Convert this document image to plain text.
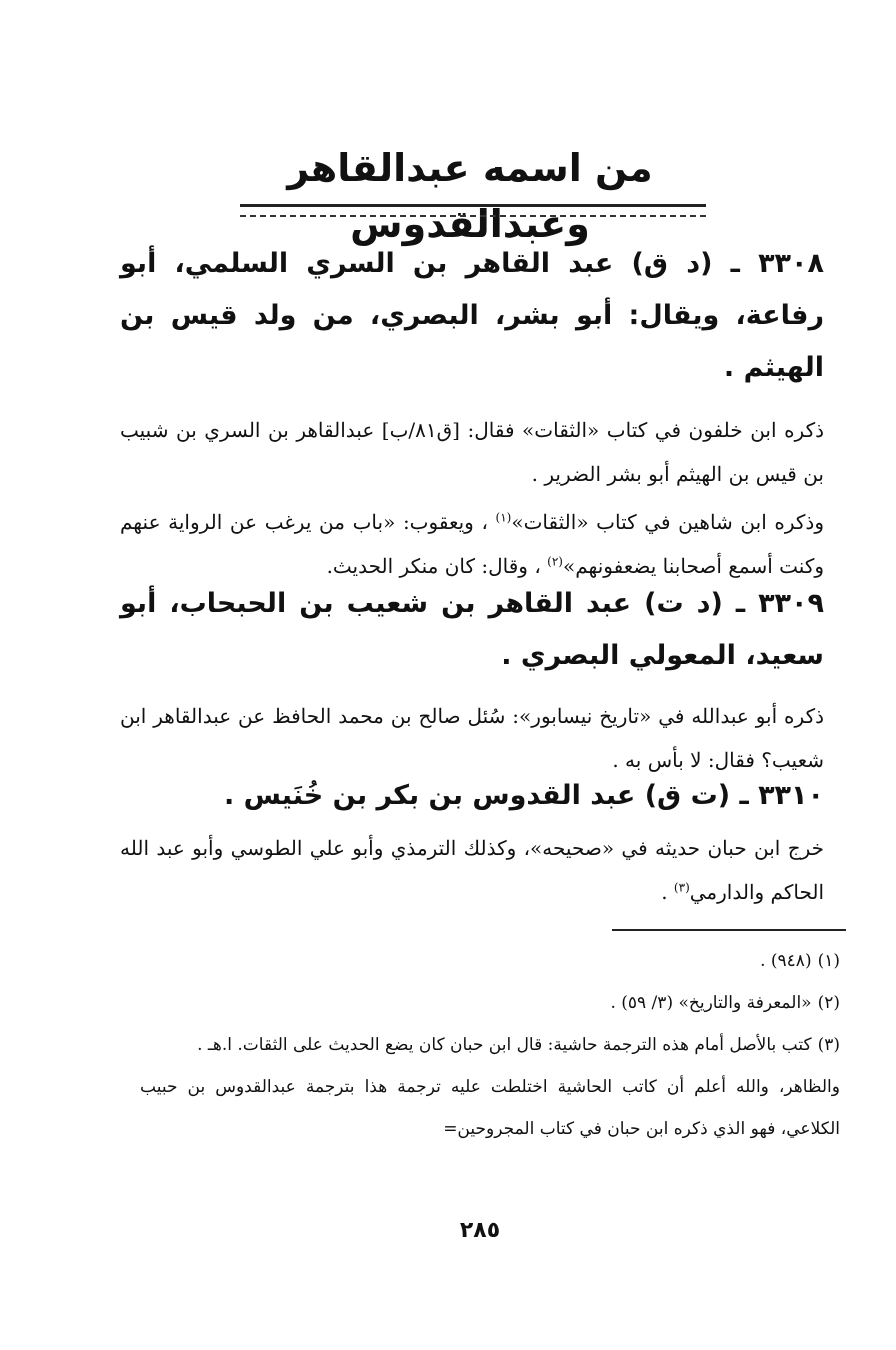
من اسمه عبدالقاهر وعبدالقدوس
٣٣٠٨ ـ (د ق) عبد القاهر بن السري السلمي، أبو رفاعة، ويقال: أبو بشر، البصري، من ولد قيس بن الهيثم .
ذكره ابن خلفون في كتاب «الثقات» فقال: [ق٨١/ب] عبدالقاهر بن السري بن شبيب بن قيس بن الهيثم أبو بشر الضرير .
وذكره ابن شاهين في كتاب «الثقات»$^{(١)}$ ، ويعقوب: «باب من يرغب عن الرواية عنهم وكنت أسمع أصحابنا يضعفونهم»$^{(٢)}$ ، وقال: كان منكر الحديث.
٣٣٠٩ ـ (د ت) عبد القاهر بن شعيب بن الحبحاب، أبو سعيد، المعولي البصري .
ذكره أبو عبدالله في «تاريخ نيسابور»: سُئل صالح بن محمد الحافظ عن عبدالقاهر ابن شعيب؟ فقال: لا بأس به .
٣٣١٠ ـ (ت ق) عبد القدوس بن بكر بن خُنَيس .
خرج ابن حبان حديثه في «صحيحه»، وكذلك الترمذي وأبو علي الطوسي وأبو عبد الله الحاكم والدارمي$^{(٣)}$ .
(١)(٩٤٨) .
(٢)«المعرفة والتاريخ» (٣/ ٥٩) .
(٣)كتب بالأصل أمام هذه الترجمة حاشية: قال ابن حبان كان يضع الحديث على الثقات. ا.هـ .
والظاهر، والله أعلم أن كاتب الحاشية اختلطت عليه ترجمة هذا بترجمة عبدالقدوس بن حبيب الكلاعي، فهو الذي ذكره ابن حبان في كتاب المجروحين=
٢٨٥
